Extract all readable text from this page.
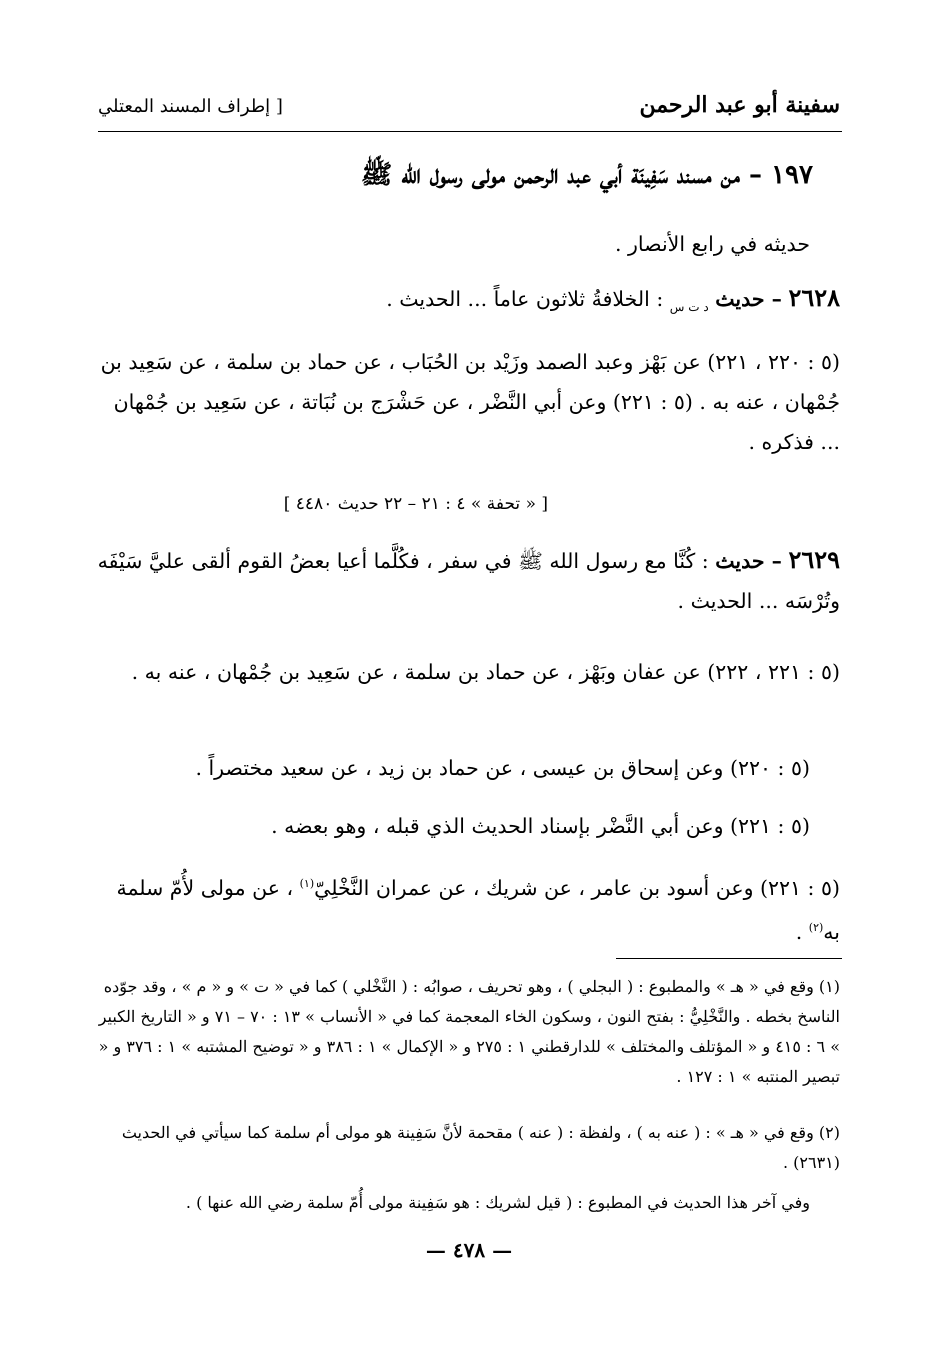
سفينة أبو عبد الرحمن
[ إطراف المسند المعتلي
١٩٧ – من مسند سَفِينَة أبي عبد الرحمن مولى رسول الله ﷺ
حديثه في رابع الأنصار .
٢٦٢٨ – حديث $_{د ت س}$ : الخلافةُ ثلاثون عاماً ... الحديث .
(٥ : ٢٢٠ ، ٢٢١) عن بَهْز وعبد الصمد وزَيْد بن الحُبَاب ، عن حماد بن سلمة ، عن سَعِيد بن جُمْهان ، عنه به . (٥ : ٢٢١) وعن أبي النَّضْر ، عن حَشْرَج بن نُبَاتة ، عن سَعِيد بن جُمْهان ... فذكره .
[ « تحفة » ٤ : ٢١ – ٢٢ حديث ٤٤٨٠ ]
٢٦٢٩ – حديث : كُنَّا مع رسول الله ﷺ في سفر ، فكُلَّما أعيا بعضُ القوم ألقى عليَّ سَيْفَه وتُرْسَه ... الحديث .
(٥ : ٢٢١ ، ٢٢٢) عن عفان وبَهْز ، عن حماد بن سلمة ، عن سَعِيد بن جُمْهان ، عنه به .
(٥ : ٢٢٠) وعن إسحاق بن عيسى ، عن حماد بن زيد ، عن سعيد مختصراً .
(٥ : ٢٢١) وعن أبي النَّضْر بإسناد الحديث الذي قبله ، وهو بعضه .
(٥ : ٢٢١) وعن أسود بن عامر ، عن شريك ، عن عمران النَّخْلِيّ$^{(١)}$ ، عن مولى لأُمّ سلمة به$^{(٢)}$ .
(١) وقع في « هـ » والمطبوع : ( البجلي ) ، وهو تحريف ، صوابُه : ( النَّخْلي ) كما في « ت » و « م » ، وقد جوّده الناسخ بخطه . والنَّخْلِيُّ : بفتح النون ، وسكون الخاء المعجمة كما في « الأنساب » ١٣ : ٧٠ – ٧١ و « التاريخ الكبير » ٦ : ٤١٥ و « المؤتلف والمختلف » للدارقطني ١ : ٢٧٥ و « الإكمال » ١ : ٣٨٦ و « توضيح المشتبه » ١ : ٣٧٦ و « تبصير المنتبه » ١ : ١٢٧ .
(٢) وقع في « هـ » : ( عنه به ) ، ولفظة : ( عنه ) مقحمة لأنَّ سَفِينة هو مولى أم سلمة كما سيأتي في الحديث (٢٦٣١) .
وفي آخر هذا الحديث في المطبوع : ( قيل لشريك : هو سَفِينة مولى أُمّ سلمة رضي الله عنها ) .
— ٤٧٨ —
